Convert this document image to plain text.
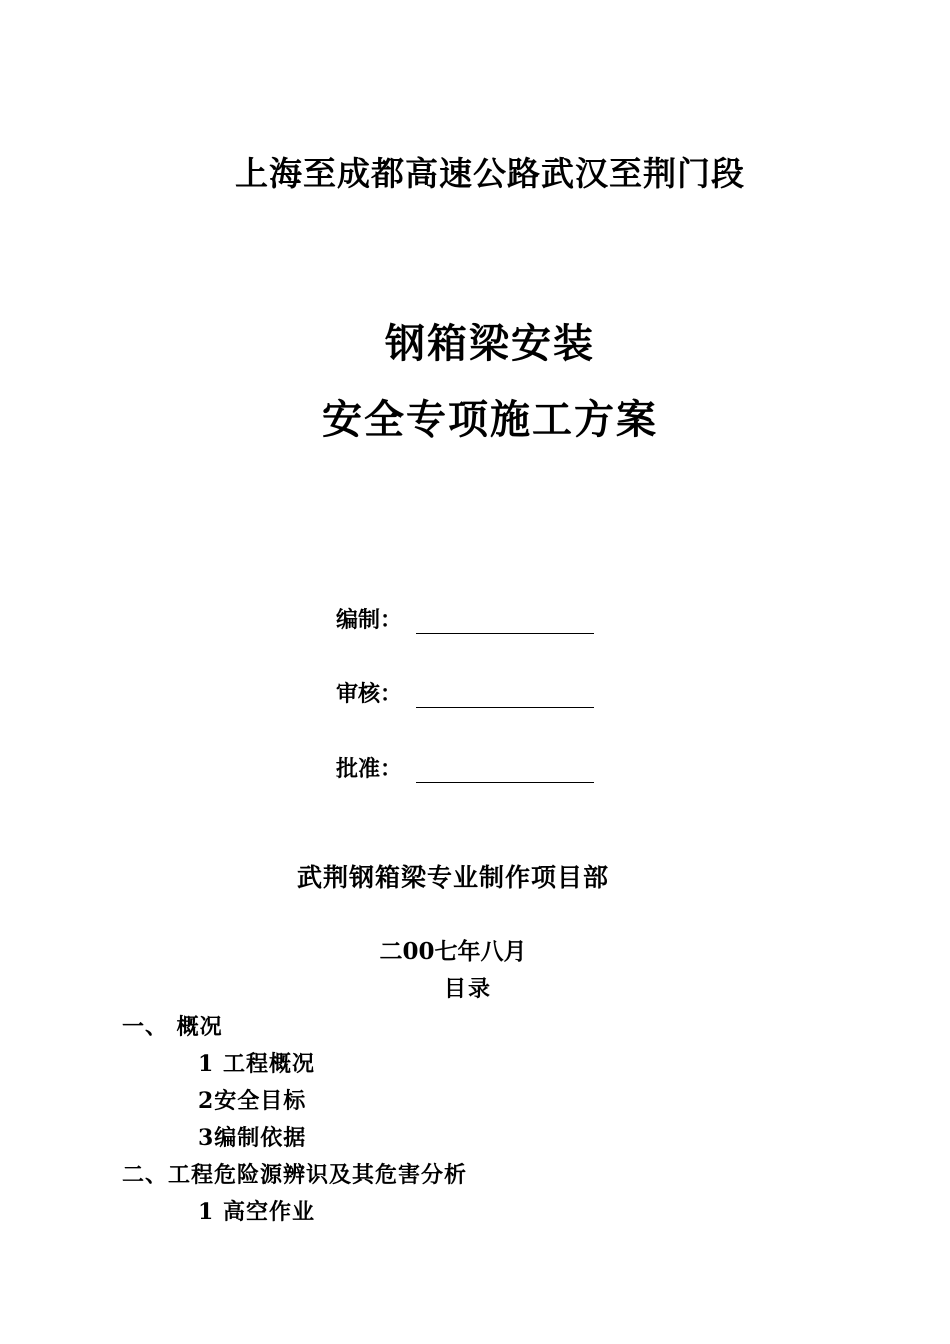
上海至成都高速公路武汉至荆门段
钢箱梁安装
安全专项施工方案
编制：
审核：
批准：
武荆钢箱梁专业制作项目部
二00七年八月
目录
一、 概况
1 工程概况
2安全目标
3编制依据
二、工程危险源辨识及其危害分析
1 高空作业
